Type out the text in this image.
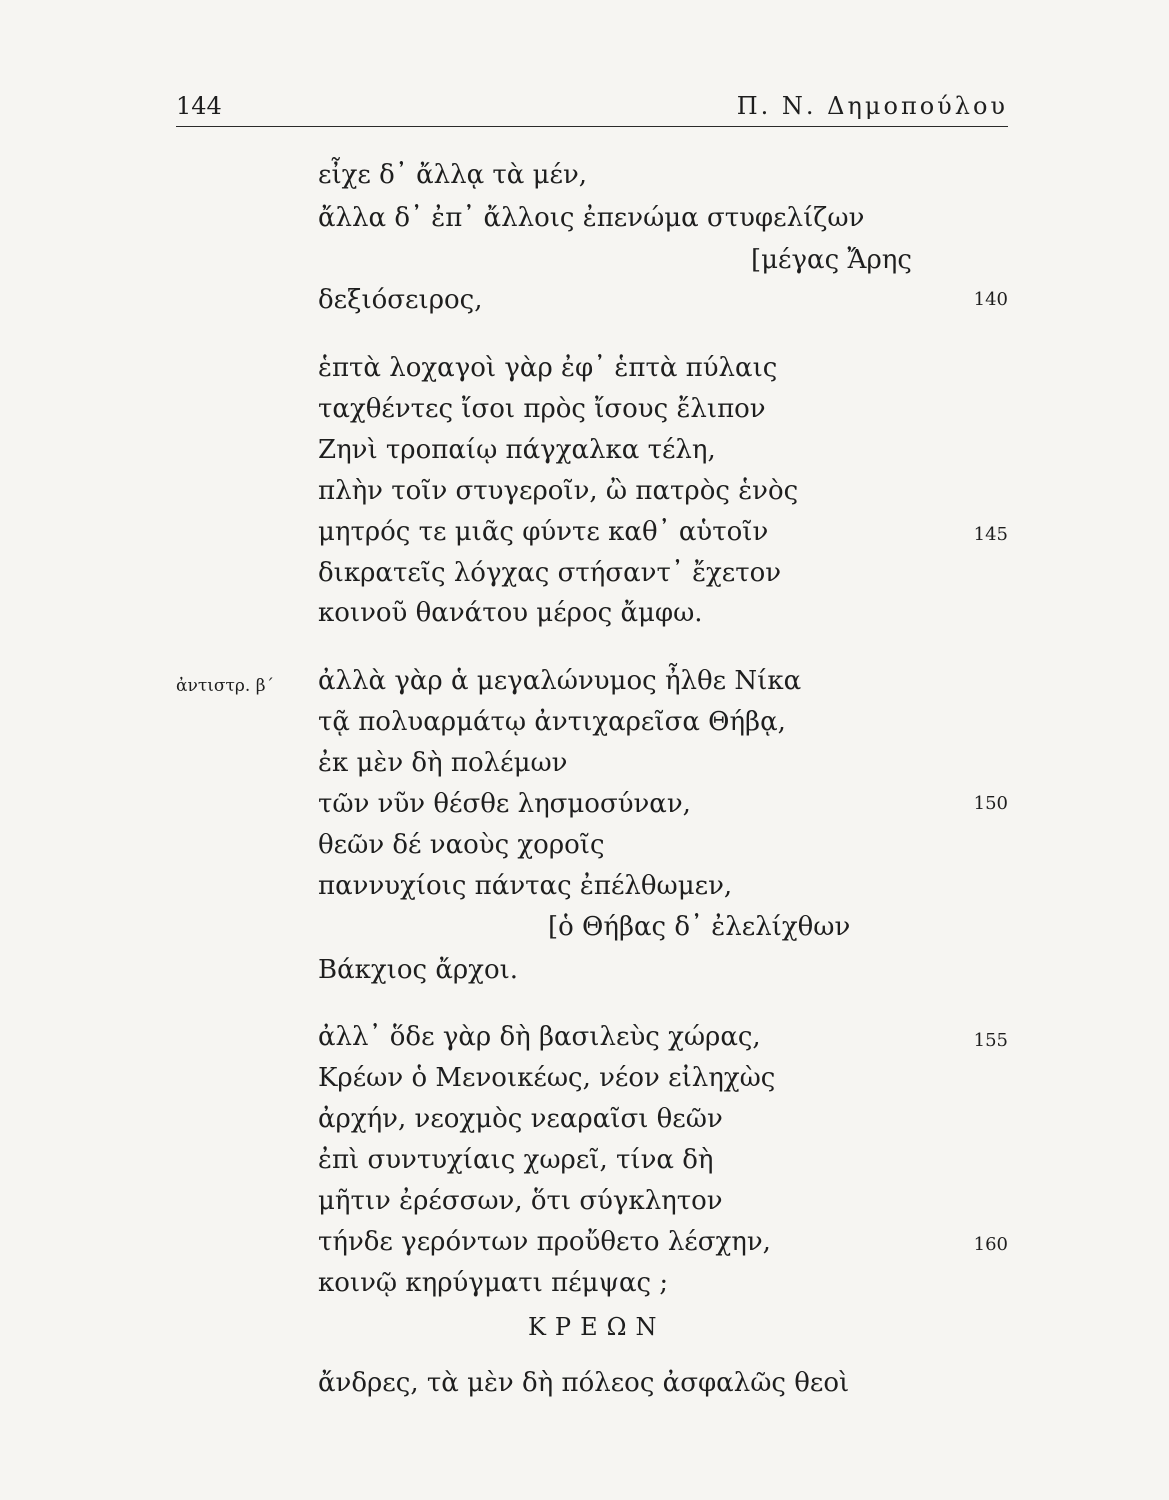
144	Π. Ν. Δημοπούλου
εἶχε δ᾽ ἄλλᾳ τὰ μέν,
ἄλλα δ᾽ ἐπ᾽ ἄλλοις ἐπενώμα στυφελίζων
[μέγας Ἄρης
δεξιόσειρος,	140
ἑπτὰ λοχαγοὶ γὰρ ἐφ᾽ ἑπτὰ πύλαις
ταχθέντες ἴσοι πρὸς ἴσους ἔλιπον
Ζηνὶ τροπαίῳ πάγχαλκα τέλη,
πλὴν τοῖν στυγεροῖν, ὢ πατρὸς ἑνὸς
μητρός τε μιᾶς φύντε καθ᾽ αὑτοῖν	145
δικρατεῖς λόγχας στήσαντ᾽ ἔχετον
κοινοῦ θανάτου μέρος ἄμφω.
ἀντιστρ. β΄ ἀλλὰ γὰρ ἁ μεγαλώνυμος ἦλθε Νίκα
τᾷ πολυαρμάτῳ ἀντιχαρεῖσα Θήβᾳ,
ἐκ μὲν δὴ πολέμων
τῶν νῦν θέσθε λησμοσύναν,	150
θεῶν δέ ναοὺς χοροῖς
παννυχίοις πάντας ἐπέλθωμεν,
[ὁ Θήβας δ᾽ ἐλελίχθων
Βάκχιος ἄρχοι.
ἀλλ᾽ ὅδε γὰρ δὴ βασιλεὺς χώρας,	155
Κρέων ὁ Μενοικέως, νέον εἰληχὼς
ἀρχήν, νεοχμὸς νεαραῖσι θεῶν
ἐπὶ συντυχίαις χωρεῖ, τίνα δὴ
μῆτιν ἐρέσσων, ὅτι σύγκλητον
τήνδε γερόντων προὔθετο λέσχην,	160
κοινῷ κηρύγματι πέμψας ;
ΚΡΕΩΝ
ἄνδρες, τὰ μὲν δὴ πόλεος ἀσφαλῶς θεοὶ
